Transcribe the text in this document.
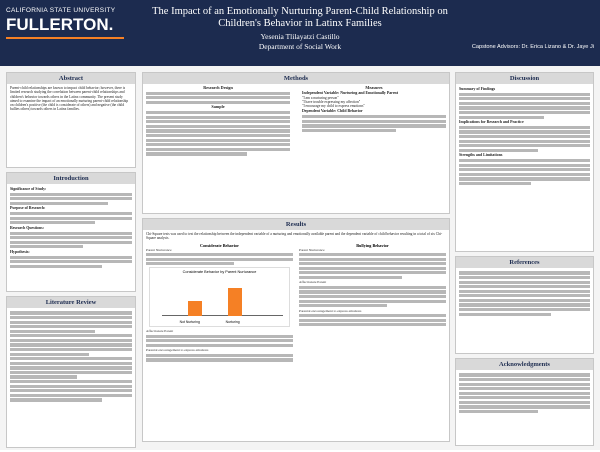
CALIFORNIA STATE UNIVERSITY
FULLERTON.
The Impact of an Emotionally Nurturing Parent-Child Relationship on Children's Behavior in Latinx Families
Yesenia Tlilayatzi Castillo
Department of Social Work	Capstone Advisors: Dr. Erica Lizano & Dr. Jaye Ji
Abstract
Parent-child relationships are known to impact child behavior; however, there is limited research studying the correlation between parent-child relationships and children's behavior towards others in the Latinx community. The present study aimed to examine the impact of an emotionally nurturing parent-child relationship on children's positive (the child is considerate of others) and negative (the child bullies others) towards others in Latinx families.
Introduction
Significance of Study:
Purpose of Research:
Research Questions:
Hypothesis:
Literature Review
Methods
Research Design
Sample
Measures
Independent Variable: Nurturing and Emotionally Parent
"I am a nurturing person"
"I have trouble expressing my affection"
"I encourage my child to express emotions"
Dependent Variable: Child Behavior
Results
Chi-Square tests was used to test the relationship between the independent variable of a nurturing and emotionally available parent and the dependent variable of child behavior resulting in a total of six Chi-Square analysis.
Considerate Behavior
Parent Nurturance
Considerate Behavior by Parent Nurturance
Not Nurturing	Nurturing
Affectionate Parent
Parental encouragement to express emotions
Bullying Behavior
Parent Nurturance
Affectionate Parent
Parental encouragement to express emotions
Discussion
Summary of Findings
Implications for Research and Practice
Strengths and Limitations
References
Acknowledgments
